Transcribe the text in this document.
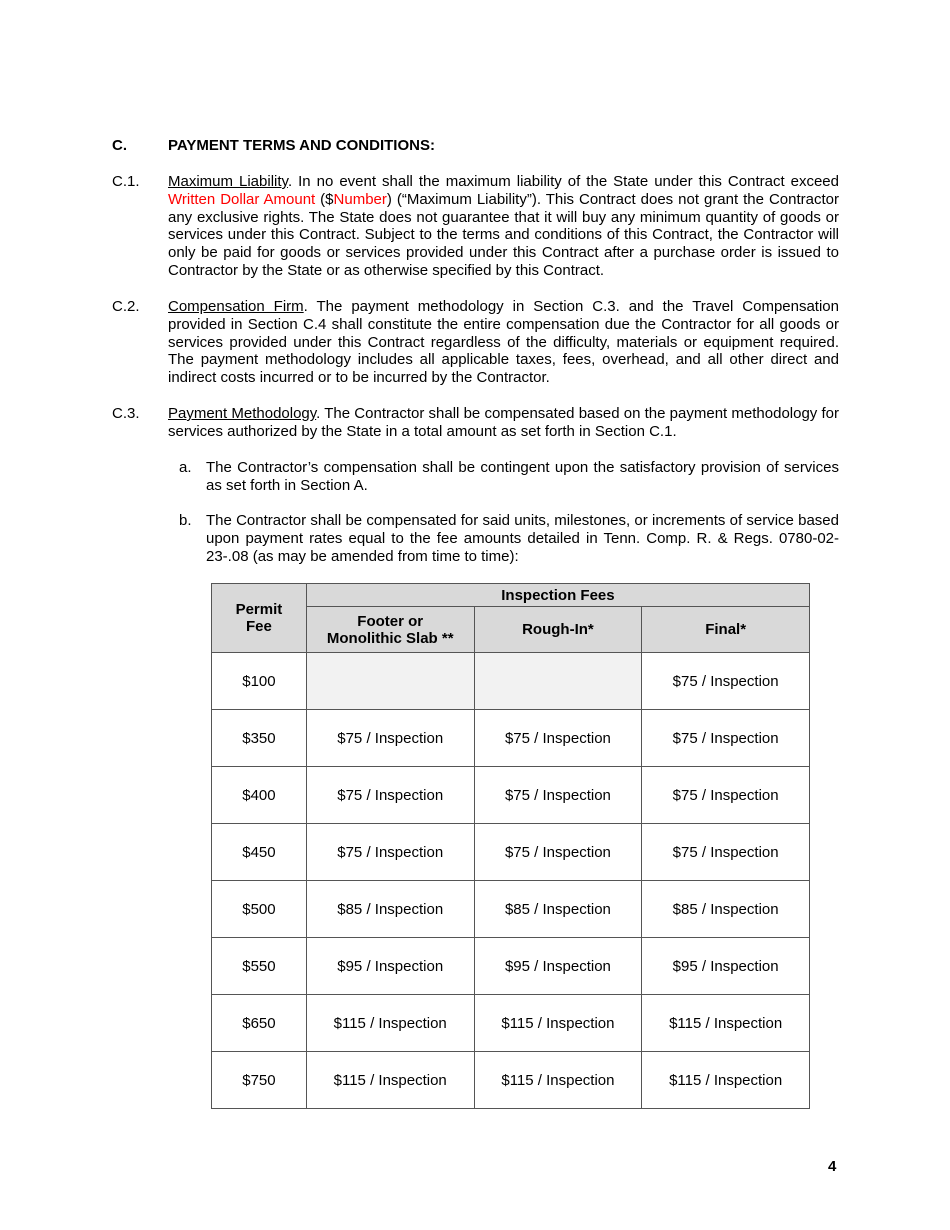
C.	PAYMENT TERMS AND CONDITIONS:
C.1.	Maximum Liability. In no event shall the maximum liability of the State under this Contract exceed Written Dollar Amount ($Number) (“Maximum Liability”). This Contract does not grant the Contractor any exclusive rights. The State does not guarantee that it will buy any minimum quantity of goods or services under this Contract. Subject to the terms and conditions of this Contract, the Contractor will only be paid for goods or services provided under this Contract after a purchase order is issued to Contractor by the State or as otherwise specified by this Contract.
C.2.	Compensation Firm. The payment methodology in Section C.3. and the Travel Compensation provided in Section C.4 shall constitute the entire compensation due the Contractor for all goods or services provided under this Contract regardless of the difficulty, materials or equipment required. The payment methodology includes all applicable taxes, fees, overhead, and all other direct and indirect costs incurred or to be incurred by the Contractor.
C.3.	Payment Methodology. The Contractor shall be compensated based on the payment methodology for services authorized by the State in a total amount as set forth in Section C.1.
a. The Contractor’s compensation shall be contingent upon the satisfactory provision of services as set forth in Section A.
b. The Contractor shall be compensated for said units, milestones, or increments of service based upon payment rates equal to the fee amounts detailed in Tenn. Comp. R. & Regs. 0780-02-23-.08 (as may be amended from time to time):
Permit
Fee	Inspection Fees		
	Footer or
Monolithic Slab **	Rough-In*	Final*
$100			$75 / Inspection
$350	$75 / Inspection	$75 / Inspection	$75 / Inspection
$400	$75 / Inspection	$75 / Inspection	$75 / Inspection
$450	$75 / Inspection	$75 / Inspection	$75 / Inspection
$500	$85 / Inspection	$85 / Inspection	$85 / Inspection
$550	$95 / Inspection	$95 / Inspection	$95 / Inspection
$650	$115 / Inspection	$115 / Inspection	$115 / Inspection
$750	$115 / Inspection	$115 / Inspection	$115 / Inspection
4
